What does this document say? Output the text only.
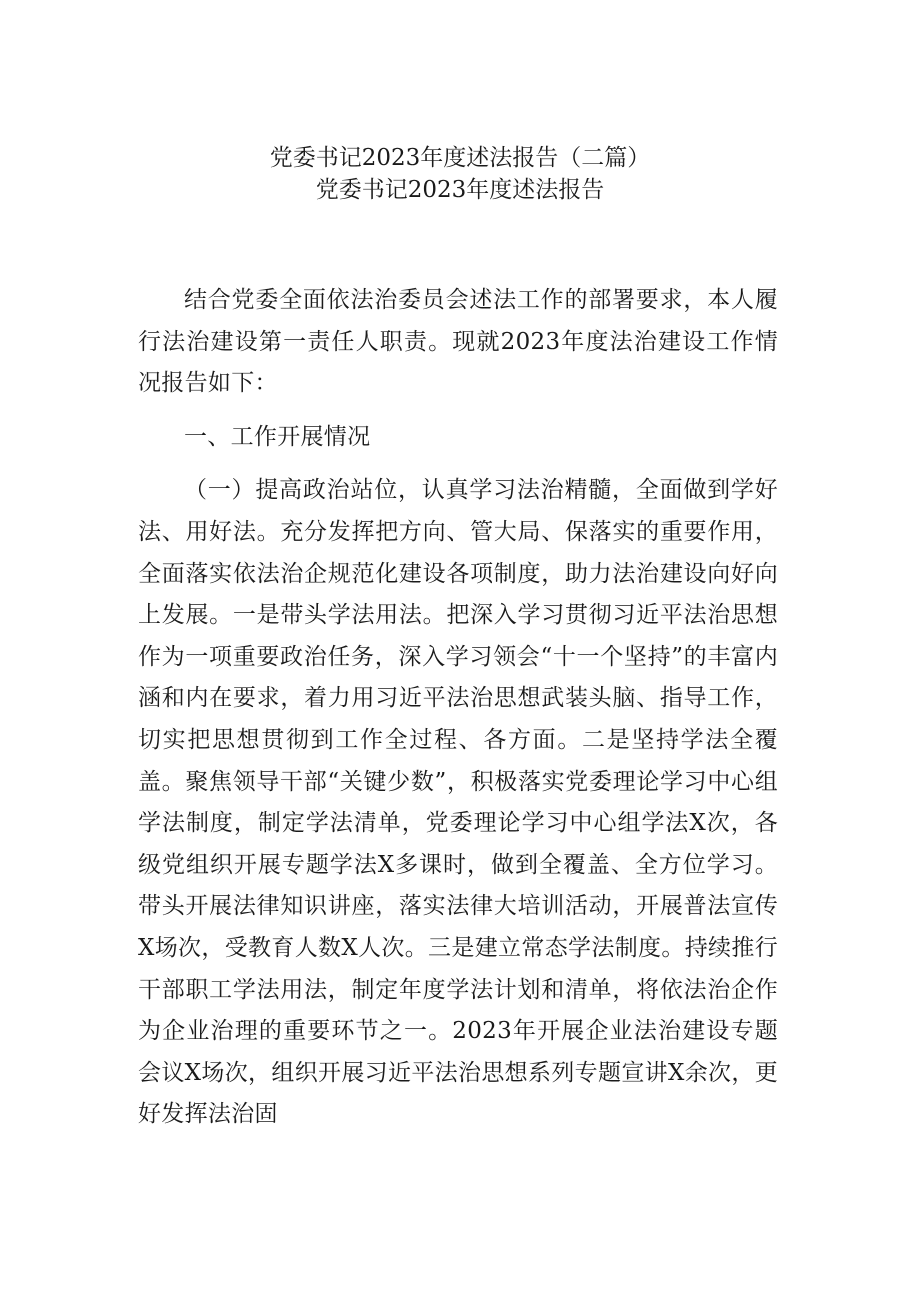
党委书记2023年度述法报告（二篇）
党委书记2023年度述法报告

结合党委全面依法治委员会述法工作的部署要求，本人履行法治建设第一责任人职责。现就2023年度法治建设工作情况报告如下：

一、工作开展情况

（一）提高政治站位，认真学习法治精髓，全面做到学好法、用好法。充分发挥把方向、管大局、保落实的重要作用，全面落实依法治企规范化建设各项制度，助力法治建设向好向上发展。一是带头学法用法。把深入学习贯彻习近平法治思想作为一项重要政治任务，深入学习领会“十一个坚持”的丰富内涵和内在要求，着力用习近平法治思想武装头脑、指导工作，切实把思想贯彻到工作全过程、各方面。二是坚持学法全覆盖。聚焦领导干部“关键少数”，积极落实党委理论学习中心组学法制度，制定学法清单，党委理论学习中心组学法X次，各级党组织开展专题学法X多课时，做到全覆盖、全方位学习。带头开展法律知识讲座，落实法律大培训活动，开展普法宣传X场次，受教育人数X人次。三是建立常态学法制度。持续推行干部职工学法用法，制定年度学法计划和清单，将依法治企作为企业治理的重要环节之一。2023年开展企业法治建设专题会议X场次，组织开展习近平法治思想系列专题宣讲X余次，更好发挥法治固
